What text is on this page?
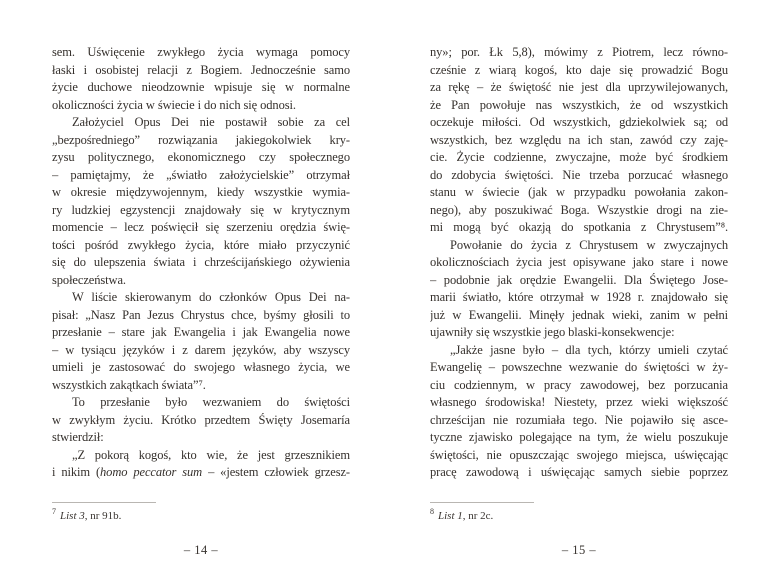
sem. Uświęcenie zwykłego życia wymaga pomocy
łaski i osobistej relacji z Bogiem. Jednocześnie samo
życie duchowe nieodzownie wpisuje się w normalne
okoliczności życia w świecie i do nich się odnosi.
Założyciel Opus Dei nie postawił sobie za cel
„bezpośredniego” rozwiązania jakiegokolwiek kry-
zysu politycznego, ekonomicznego czy społecznego
– pamiętajmy, że „światło założycielskie” otrzymał
w okresie międzywojennym, kiedy wszystkie wymia-
ry ludzkiej egzystencji znajdowały się w krytycznym
momencie – lecz poświęcił się szerzeniu orędzia świę-
tości pośród zwykłego życia, które miało przyczynić
się do ulepszenia świata i chrześcijańskiego ożywienia
społeczeństwa.
W liście skierowanym do członków Opus Dei na-
pisał: „Nasz Pan Jezus Chrystus chce, byśmy głosili to
przesłanie – stare jak Ewangelia i jak Ewangelia nowe
– w tysiącu języków i z darem języków, aby wszyscy
umieli je zastosować do swojego własnego życia, we
wszystkich zakątkach świata”⁷.
To przesłanie było wezwaniem do świętości
w zwykłym życiu. Krótko przedtem Święty Josemaría
stwierdził:
„Z pokorą kogoś, kto wie, że jest grzesznikiem
i nikim (homo peccator sum – «jestem człowiek grzesz-

$^7$ List 3, nr 91b.

– 14 –
ny»; por. Łk 5,8), mówimy z Piotrem, lecz równo-
cześnie z wiarą kogoś, kto daje się prowadzić Bogu
za rękę – że świętość nie jest dla uprzywilejowanych,
że Pan powołuje nas wszystkich, że od wszystkich
oczekuje miłości. Od wszystkich, gdziekolwiek są; od
wszystkich, bez względu na ich stan, zawód czy zaję-
cie. Życie codzienne, zwyczajne, może być środkiem
do zdobycia świętości. Nie trzeba porzucać własnego
stanu w świecie (jak w przypadku powołania zakon-
nego), aby poszukiwać Boga. Wszystkie drogi na zie-
mi mogą być okazją do spotkania z Chrystusem”⁸.
Powołanie do życia z Chrystusem w zwyczajnych
okolicznościach życia jest opisywane jako stare i nowe
– podobnie jak orędzie Ewangelii. Dla Świętego Jose-
marii światło, które otrzymał w 1928 r. znajdowało się
już w Ewangelii. Minęły jednak wieki, zanim w pełni
ujawniły się wszystkie jego blaski-konsekwencje:
„Jakże jasne było – dla tych, którzy umieli czytać
Ewangelię – powszechne wezwanie do świętości w ży-
ciu codziennym, w pracy zawodowej, bez porzucania
własnego środowiska! Niestety, przez wieki większość
chrześcijan nie rozumiała tego. Nie pojawiło się asce-
tyczne zjawisko polegające na tym, że wielu poszukuje
świętości, nie opuszczając swojego miejsca, uświęcając
pracę zawodową i uświęcając samych siebie poprzez

$^8$ List 1, nr 2c.

– 15 –
